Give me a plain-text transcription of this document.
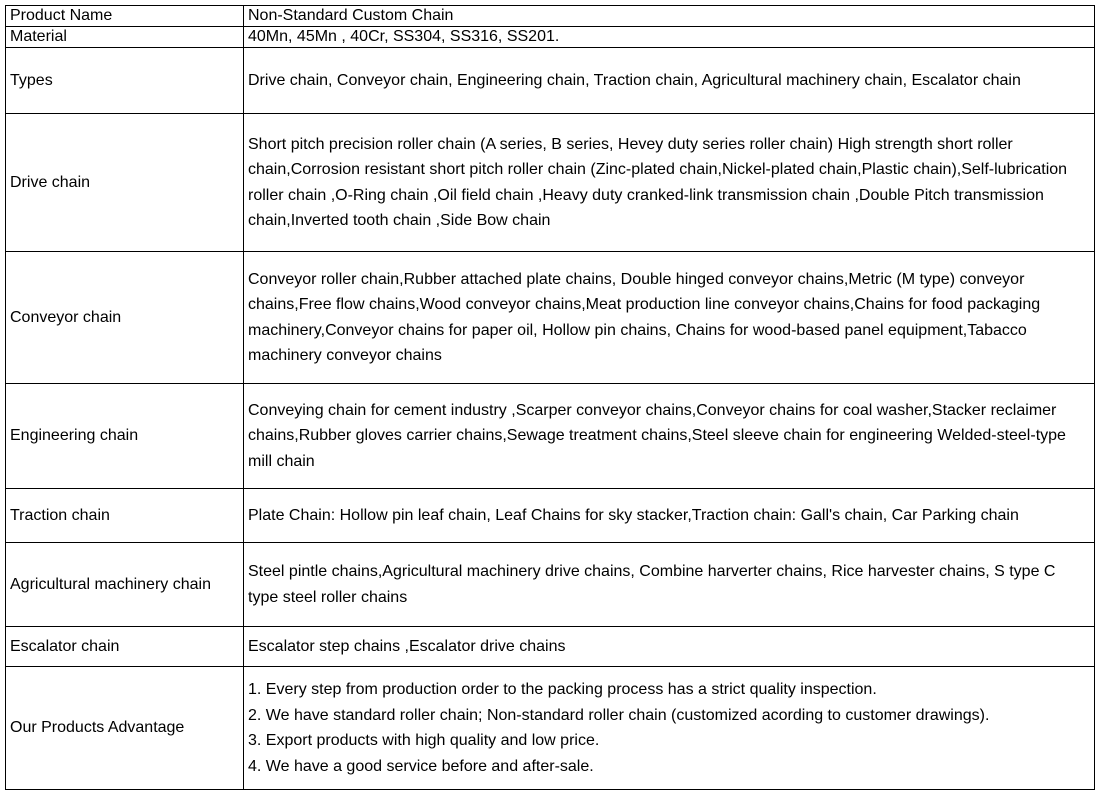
Product Name	Non-Standard Custom Chain
Material	40Mn, 45Mn , 40Cr, SS304, SS316, SS201.
Types	Drive chain, Conveyor chain, Engineering chain, Traction chain, Agricultural machinery chain, Escalator chain
Drive chain	Short pitch precision roller chain (A series, B series, Hevey duty series roller chain) High strength short roller chain,Corrosion resistant short pitch roller chain (Zinc-plated chain,Nickel-plated chain,Plastic chain),Self-lubrication roller chain ,O-Ring chain ,Oil field chain ,Heavy duty cranked-link transmission chain ,Double Pitch transmission chain,Inverted tooth chain ,Side Bow chain
Conveyor chain	Conveyor roller chain,Rubber attached plate chains, Double hinged conveyor chains,Metric (M type) conveyor chains,Free flow chains,Wood conveyor chains,Meat production line conveyor chains,Chains for food packaging machinery,Conveyor chains for paper oil, Hollow pin chains, Chains for wood-based panel equipment,Tabacco machinery conveyor chains
Engineering chain	Conveying chain for cement industry ,Scarper conveyor chains,Conveyor chains for coal washer,Stacker reclaimer chains,Rubber gloves carrier chains,Sewage treatment chains,Steel sleeve chain for engineering Welded-steel-type mill chain
Traction chain	Plate Chain: Hollow pin leaf chain, Leaf Chains for sky stacker,Traction chain: Gall's chain, Car Parking chain
Agricultural machinery chain	Steel pintle chains,Agricultural machinery drive chains, Combine harverter chains, Rice harvester chains, S type C type steel roller chains
Escalator chain	Escalator step chains ,Escalator drive chains
Our Products Advantage	1. Every step from production order to the packing process has a strict quality inspection.
2. We have standard roller chain; Non-standard roller chain (customized acording to customer drawings).
3. Export products with high quality and low price.
4. We have a good service before and after-sale.
